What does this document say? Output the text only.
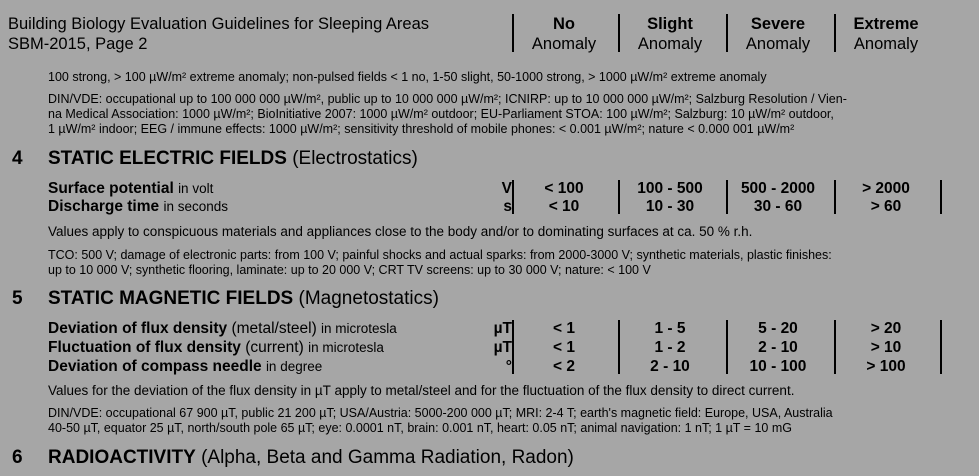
Building Biology Evaluation Guidelines for Sleeping Areas
SBM-2015, Page 2
No
Anomaly
Slight
Anomaly
Severe
Anomaly
Extreme
Anomaly
100 strong, > 100 µW/m² extreme anomaly; non-pulsed fields < 1 no, 1-50 slight, 50-1000 strong, > 1000 µW/m² extreme anomaly
DIN/VDE: occupational up to 100 000 000 µW/m², public up to 10 000 000 µW/m²; ICNIRP: up to 10 000 000 µW/m²; Salzburg Resolution / Vien-
na Medical Association: 1000 µW/m²; BioInitiative 2007: 1000 µW/m² outdoor; EU-Parliament STOA: 100 µW/m²; Salzburg: 10 µW/m² outdoor,
1 µW/m² indoor; EEG / immune effects: 1000 µW/m²; sensitivity threshold of mobile phones: < 0.001 µW/m²; nature < 0.000 001 µW/m²
4 STATIC ELECTRIC FIELDS (Electrostatics)
Surface potential in volt	V	< 100	100 - 500	500 - 2000	> 2000
Discharge time in seconds	s	< 10	10 - 30	30 - 60	> 60
Values apply to conspicuous materials and appliances close to the body and/or to dominating surfaces at ca. 50 % r.h.
TCO: 500 V; damage of electronic parts: from 100 V; painful shocks and actual sparks: from 2000-3000 V; synthetic materials, plastic finishes:
up to 10 000 V; synthetic flooring, laminate: up to 20 000 V; CRT TV screens: up to 30 000 V; nature: < 100 V
5 STATIC MAGNETIC FIELDS (Magnetostatics)
Deviation of flux density (metal/steel) in microtesla	µT	< 1	1 - 5	5 - 20	> 20
Fluctuation of flux density (current) in microtesla	µT	< 1	1 - 2	2 - 10	> 10
Deviation of compass needle in degree	°	< 2	2 - 10	10 - 100	> 100
Values for the deviation of the flux density in µT apply to metal/steel and for the fluctuation of the flux density to direct current.
DIN/VDE: occupational 67 900 µT, public 21 200 µT; USA/Austria: 5000-200 000 µT; MRI: 2-4 T; earth's magnetic field: Europe, USA, Australia
40-50 µT, equator 25 µT, north/south pole 65 µT; eye: 0.0001 nT, brain: 0.001 nT, heart: 0.05 nT; animal navigation: 1 nT; 1 µT = 10 mG
6 RADIOACTIVITY (Alpha, Beta and Gamma Radiation, Radon)
